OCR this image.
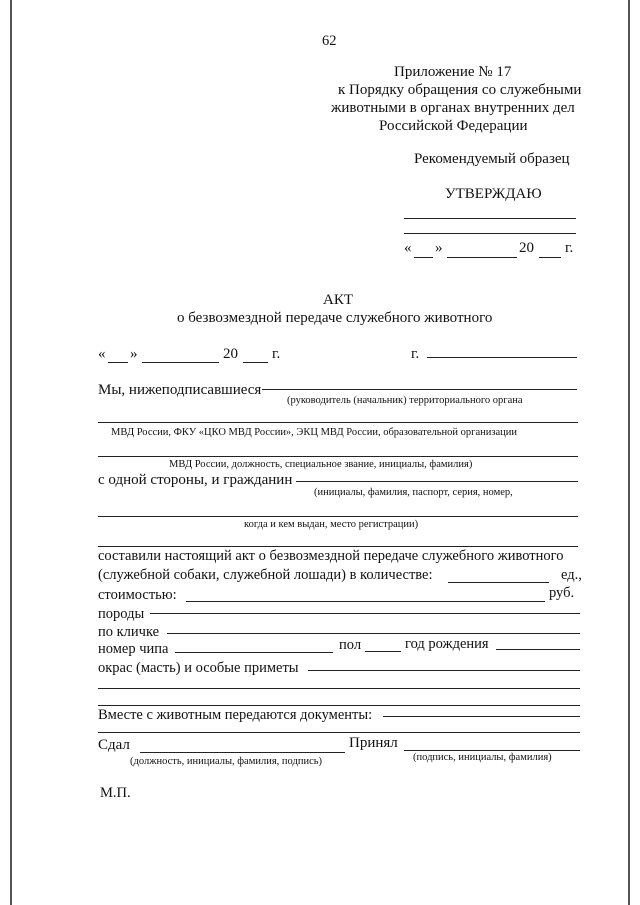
62
Приложение № 17
к Порядку обращения со служебными
животными в органах внутренних дел
Российской Федерации
Рекомендуемый образец
УТВЕРЖДАЮ
« »	20 г.
АКТ
о безвозмездной передаче служебного животного
« »	20 г.	г.
Мы, нижеподписавшиеся
(руководитель (начальник) территориального органа
МВД России, ФКУ «ЦКО МВД России», ЭКЦ МВД России, образовательной организации
МВД России, должность, специальное звание, инициалы, фамилия)
с одной стороны, и гражданин
(инициалы, фамилия, паспорт, серия, номер,
когда и кем выдан, место регистрации)
составили настоящий акт о безвозмездной передаче служебного животного
(служебной собаки, служебной лошади) в количестве:	ед.,
стоимостью:	руб.
породы
по кличке
номер чипа	пол	год рождения
окрас (масть) и особые приметы
Вместе с животным передаются документы:
Сдал	Принял
(должность, инициалы, фамилия, подпись)	(подпись, инициалы, фамилия)
М.П.
